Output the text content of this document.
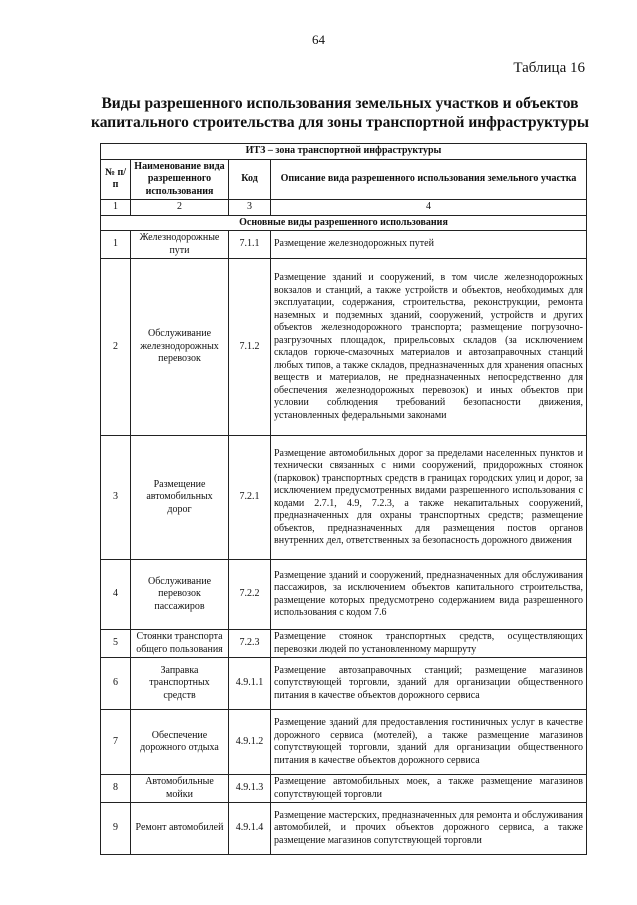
64
Таблица 16
Виды разрешенного использования земельных участков и объектов капитального строительства для зоны транспортной инфраструктуры
ИТЗ – зона транспортной инфраструктуры			
№ п/п	Наименование вида разрешенного использования	Код	Описание вида разрешенного использования земельного участка
1	2	3	4
Основные виды разрешенного использования			
1	Железнодорожные пути	7.1.1	Размещение железнодорожных путей
2	Обслуживание железнодорожных перевозок	7.1.2	Размещение зданий и сооружений, в том числе железнодорожных вокзалов и станций, а также устройств и объектов, необходимых для эксплуатации, содержания, строительства, реконструкции, ремонта наземных и подземных зданий, сооружений, устройств и других объектов железнодорожного транспорта; размещение погрузочно-разгрузочных площадок, прирельсовых складов (за исключением складов горюче-смазочных материалов и автозаправочных станций любых типов, а также складов, предназначенных для хранения опасных веществ и материалов, не предназначенных непосредственно для обеспечения железнодорожных перевозок) и иных объектов при условии соблюдения требований безопасности движения, установленных федеральными законами
3	Размещение автомобильных дорог	7.2.1	Размещение автомобильных дорог за пределами населенных пунктов и технически связанных с ними сооружений, придорожных стоянок (парковок) транспортных средств в границах городских улиц и дорог, за исключением предусмотренных видами разрешенного использования с кодами 2.7.1, 4.9, 7.2.3, а также некапитальных сооружений, предназначенных для охраны транспортных средств; размещение объектов, предназначенных для размещения постов органов внутренних дел, ответственных за безопасность дорожного движения
4	Обслуживание перевозок пассажиров	7.2.2	Размещение зданий и сооружений, предназначенных для обслуживания пассажиров, за исключением объектов капитального строительства, размещение которых предусмотрено содержанием вида разрешенного использования с кодом 7.6
5	Стоянки транспорта общего пользования	7.2.3	Размещение стоянок транспортных средств, осуществляющих перевозки людей по установленному маршруту
6	Заправка транспортных средств	4.9.1.1	Размещение автозаправочных станций; размещение магазинов сопутствующей торговли, зданий для организации общественного питания в качестве объектов дорожного сервиса
7	Обеспечение дорожного отдыха	4.9.1.2	Размещение зданий для предоставления гостиничных услуг в качестве дорожного сервиса (мотелей), а также размещение магазинов сопутствующей торговли, зданий для организации общественного питания в качестве объектов дорожного сервиса
8	Автомобильные мойки	4.9.1.3	Размещение автомобильных моек, а также размещение магазинов сопутствующей торговли
9	Ремонт автомобилей	4.9.1.4	Размещение мастерских, предназначенных для ремонта и обслуживания автомобилей, и прочих объектов дорожного сервиса, а также размещение магазинов сопутствующей торговли
